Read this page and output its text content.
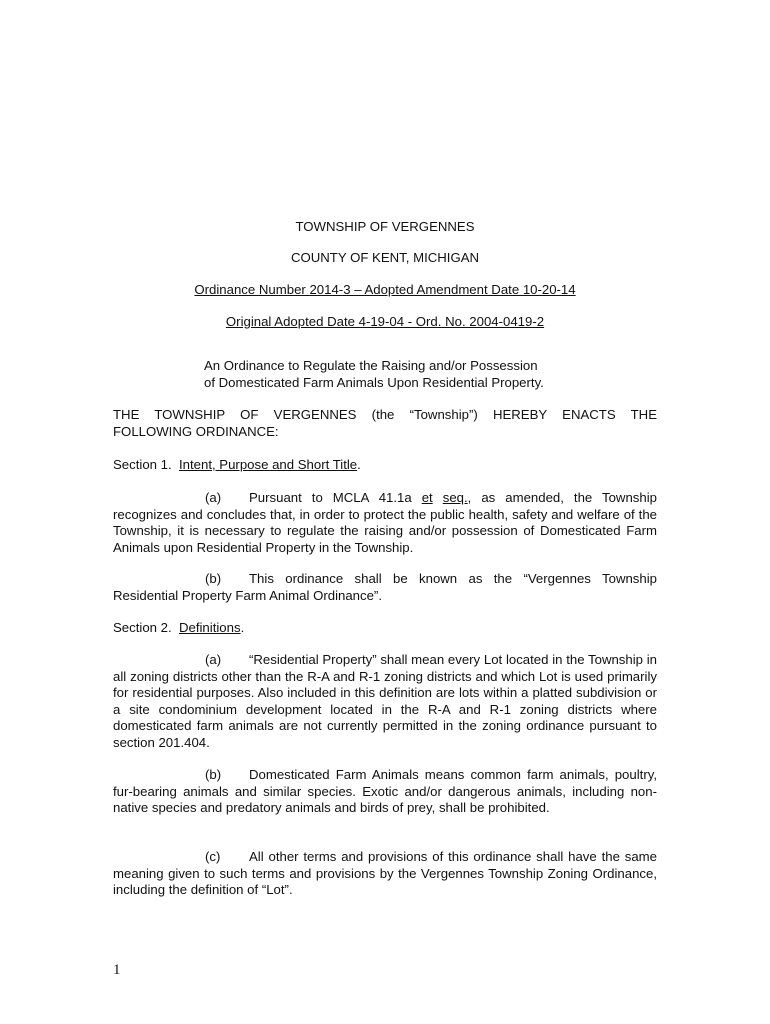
TOWNSHIP OF VERGENNES
COUNTY OF KENT, MICHIGAN
Ordinance Number 2014-3 – Adopted Amendment Date 10-20-14
Original Adopted Date 4-19-04 - Ord. No. 2004-0419-2
An Ordinance to Regulate the Raising and/or Possession
of Domesticated Farm Animals Upon Residential Property.
THE TOWNSHIP OF VERGENNES (the “Township”) HEREBY ENACTS THE
FOLLOWING ORDINANCE:
Section 1. Intent, Purpose and Short Title.
(a) Pursuant to MCLA 41.1a et seq., as amended, the Township recognizes and concludes that, in order to protect the public health, safety and welfare of the Township, it is necessary to regulate the raising and/or possession of Domesticated Farm Animals upon Residential Property in the Township.
(b) This ordinance shall be known as the “Vergennes Township Residential Property Farm Animal Ordinance”.
Section 2. Definitions.
(a) “Residential Property” shall mean every Lot located in the Township in all zoning districts other than the R-A and R-1 zoning districts and which Lot is used primarily for residential purposes. Also included in this definition are lots within a platted subdivision or a site condominium development located in the R-A and R-1 zoning districts where domesticated farm animals are not currently permitted in the zoning ordinance pursuant to section 201.404.
(b) Domesticated Farm Animals means common farm animals, poultry, fur-bearing animals and similar species. Exotic and/or dangerous animals, including non-native species and predatory animals and birds of prey, shall be prohibited.
(c) All other terms and provisions of this ordinance shall have the same meaning given to such terms and provisions by the Vergennes Township Zoning Ordinance, including the definition of “Lot”.
1
